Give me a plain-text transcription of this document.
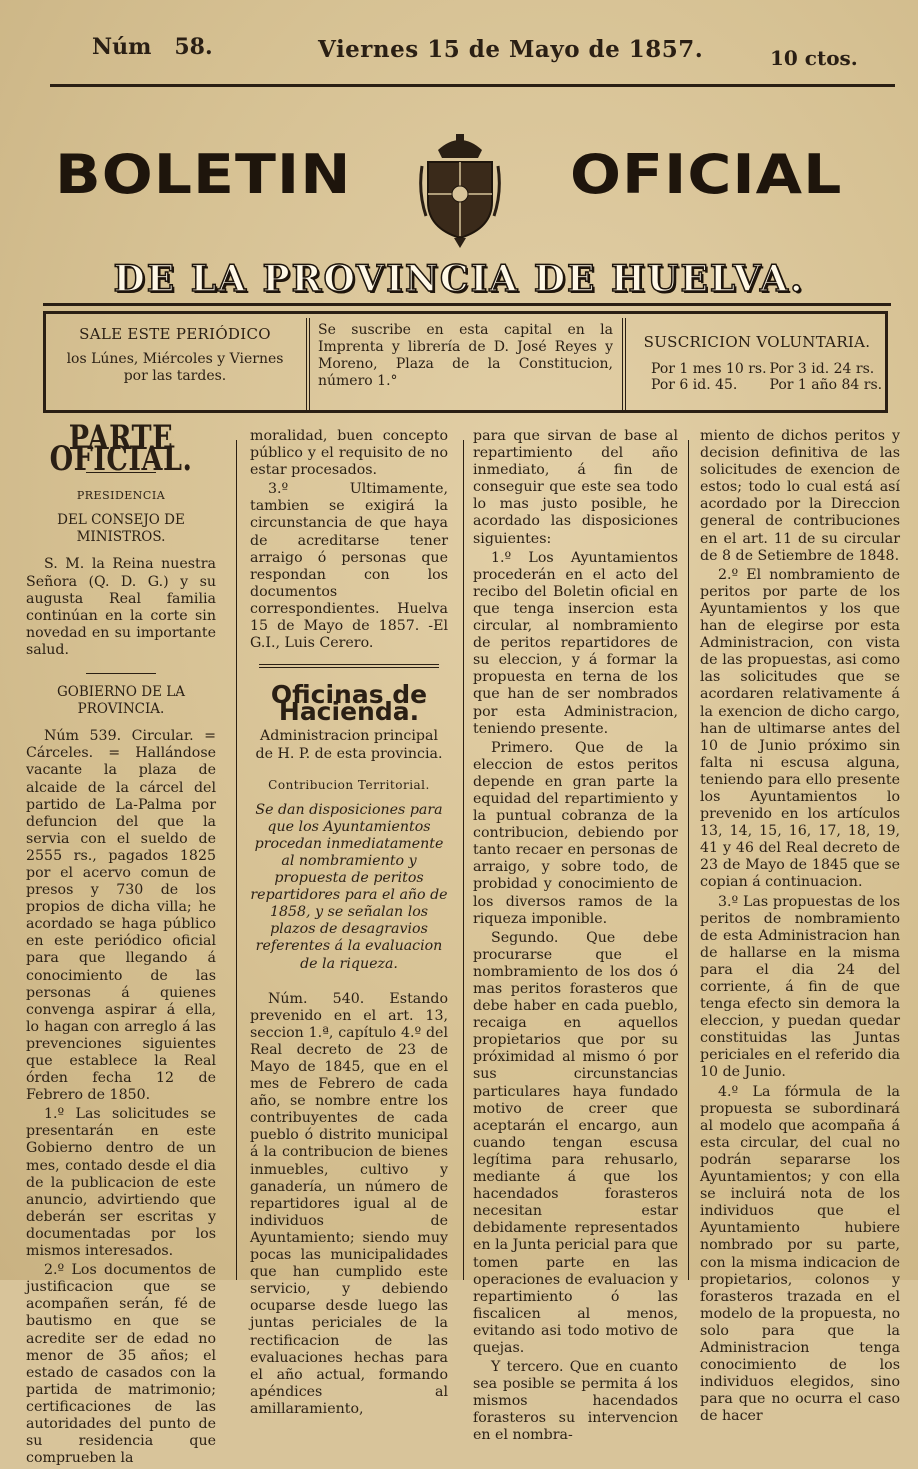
Núm   58.	Viernes 15 de Mayo de 1857.	10 ctos.
BOLETIN	OFICIAL
DE LA PROVINCIA DE HUELVA.
SALE ESTE PERIÓDICO
los Lúnes, Miércoles y Viernes por las tardes.
Se suscribe en esta capital en la Imprenta y librería de D. José Reyes y Moreno, Plaza de la Constitucion, número 1.°
SUSCRICION VOLUNTARIA.
Por 1 mes 10 rs. Por 3 id. 24 rs.
Por 6 id. 45.	Por 1 año 84 rs.
PARTE OFICIAL.
PRESIDENCIA
DEL CONSEJO DE MINISTROS.

S. M. la Reina nuestra Señora (Q. D. G.) y su augusta Real familia continúan en la corte sin novedad en su importante salud.

GOBIERNO DE LA PROVINCIA.

Núm 539. Circular. = Cárceles. = Hallándose vacante la plaza de alcaide de la cárcel del partido de La-Palma por defuncion del que la servia con el sueldo de 2555 rs., pagados 1825 por el acervo comun de presos y 730 de los propios de dicha villa; he acordado se haga público en este periódico oficial para que llegando á conocimiento de las personas á quienes convenga aspirar á ella, lo hagan con arreglo á las prevenciones siguientes que establece la Real órden fecha 12 de Febrero de 1850.

1.º Las solicitudes se presentarán en este Gobierno dentro de un mes, contado desde el dia de la publicacion de este anuncio, advirtiendo que deberán ser escritas y documentadas por los mismos interesados.

2.º Los documentos de justificacion que se acompañen serán, fé de bautismo en que se acredite ser de edad no menor de 35 años; el estado de casados con la partida de matrimonio; certificaciones de las autoridades del punto de su residencia que comprueben la

moralidad, buen concepto público y el requisito de no estar procesados.

3.º Ultimamente, tambien se exigirá la circunstancia de que haya de acreditarse tener arraigo ó personas que respondan con los documentos correspondientes. Huelva 15 de Mayo de 1857. -El G.I., Luis Cerero.

Oficinas de Hacienda.
Administracion principal de H. P. de esta provincia.
Contribucion Territorial.

Se dan disposiciones para que los Ayuntamientos procedan inmediatamente al nombramiento y propuesta de peritos repartidores para el año de 1858, y se señalan los plazos de desagravios referentes á la evaluacion de la riqueza.

Núm. 540. Estando prevenido en el art. 13, seccion 1.ª, capítulo 4.º del Real decreto de 23 de Mayo de 1845, que en el mes de Febrero de cada año, se nombre entre los contribuyentes de cada pueblo ó distrito municipal á la contribucion de bienes inmuebles, cultivo y ganadería, un número de repartidores igual al de individuos de Ayuntamiento; siendo muy pocas las municipalidades que han cumplido este servicio, y debiendo ocuparse desde luego las juntas periciales de la rectificacion de las evaluaciones hechas para el año actual, formando apéndices al amillaramiento,

para que sirvan de base al repartimiento del año inmediato, á fin de conseguir que este sea todo lo mas justo posible, he acordado las disposiciones siguientes:

1.º Los Ayuntamientos procederán en el acto del recibo del Boletin oficial en que tenga insercion esta circular, al nombramiento de peritos repartidores de su eleccion, y á formar la propuesta en terna de los que han de ser nombrados por esta Administracion, teniendo presente.

Primero. Que de la eleccion de estos peritos depende en gran parte la equidad del repartimiento y la puntual cobranza de la contribucion, debiendo por tanto recaer en personas de arraigo, y sobre todo, de probidad y conocimiento de los diversos ramos de la riqueza imponible.

Segundo. Que debe procurarse que el nombramiento de los dos ó mas peritos forasteros que debe haber en cada pueblo, recaiga en aquellos propietarios que por su próximidad al mismo ó por sus circunstancias particulares haya fundado motivo de creer que aceptarán el encargo, aun cuando tengan escusa legítima para rehusarlo, mediante á que los hacendados forasteros necesitan estar debidamente representados en la Junta pericial para que tomen parte en las operaciones de evaluacion y repartimiento ó las fiscalicen al menos, evitando asi todo motivo de quejas.

Y tercero. Que en cuanto sea posible se permita á los mismos hacendados forasteros su intervencion en el nombra-

miento de dichos peritos y decision definitiva de las solicitudes de exencion de estos; todo lo cual está así acordado por la Direccion general de contribuciones en el art. 11 de su circular de 8 de Setiembre de 1848.

2.º El nombramiento de peritos por parte de los Ayuntamientos y los que han de elegirse por esta Administracion, con vista de las propuestas, asi como las solicitudes que se acordaren relativamente á la exencion de dicho cargo, han de ultimarse antes del 10 de Junio próximo sin falta ni escusa alguna, teniendo para ello presente los Ayuntamientos lo prevenido en los artículos 13, 14, 15, 16, 17, 18, 19, 41 y 46 del Real decreto de 23 de Mayo de 1845 que se copian á continuacion.

3.º Las propuestas de los peritos de nombramiento de esta Administracion han de hallarse en la misma para el dia 24 del corriente, á fin de que tenga efecto sin demora la eleccion, y puedan quedar constituidas las Juntas periciales en el referido dia 10 de Junio.

4.º La fórmula de la propuesta se subordinará al modelo que acompaña á esta circular, del cual no podrán separarse los Ayuntamientos; y con ella se incluirá nota de los individuos que el Ayuntamiento hubiere nombrado por su parte, con la misma indicacion de propietarios, colonos y forasteros trazada en el modelo de la propuesta, no solo para que la Administracion tenga conocimiento de los individuos elegidos, sino para que no ocurra el caso de hacer
